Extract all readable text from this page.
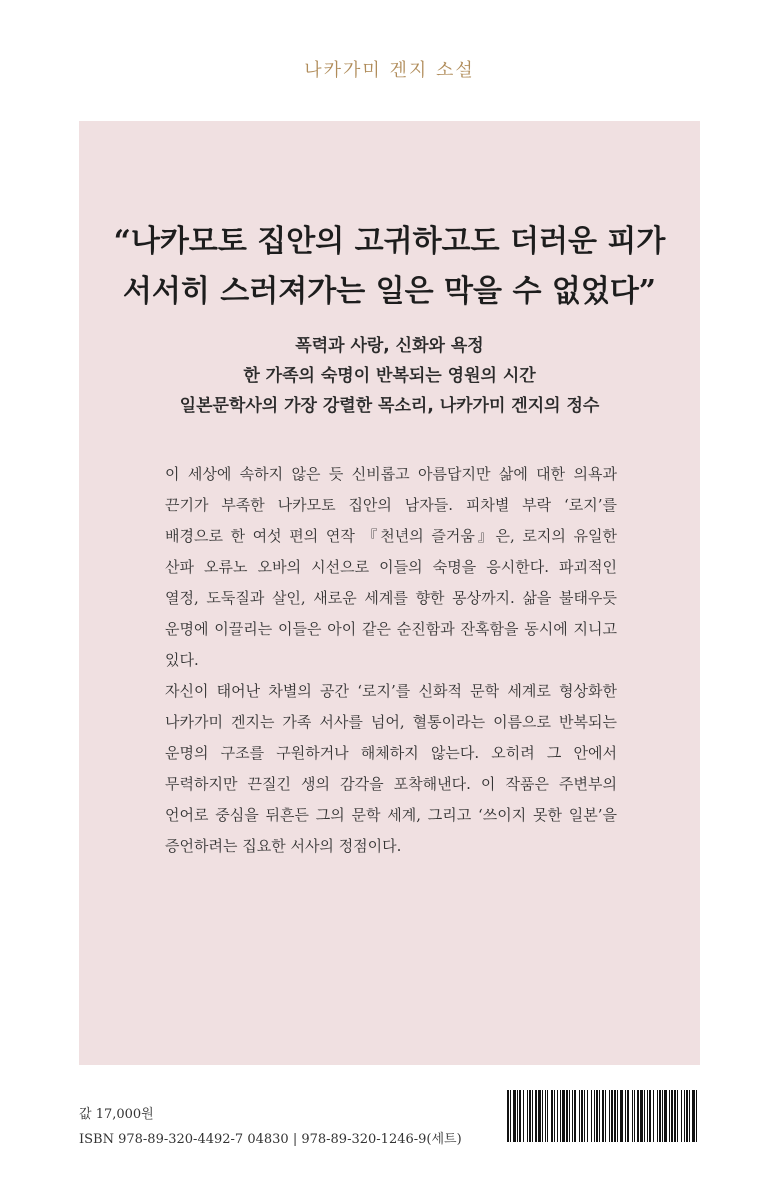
나카가미 겐지 소설
“나카모토 집안의 고귀하고도 더러운 피가
서서히 스러져가는 일은 막을 수 없었다”
폭력과 사랑, 신화와 욕정
한 가족의 숙명이 반복되는 영원의 시간
일본문학사의 가장 강렬한 목소리, 나카가미 겐지의 정수

이 세상에 속하지 않은 듯 신비롭고 아름답지만 삶에 대한 의욕과 끈기가 부족한 나카모토 집안의 남자들. 피차별 부락 ‘로지’를 배경으로 한 여섯 편의 연작 『천년의 즐거움』은, 로지의 유일한 산파 오류노 오바의 시선으로 이들의 숙명을 응시한다. 파괴적인 열정, 도둑질과 살인, 새로운 세계를 향한 몽상까지. 삶을 불태우듯 운명에 이끌리는 이들은 아이 같은 순진함과 잔혹함을 동시에 지니고 있다.

자신이 태어난 차별의 공간 ‘로지’를 신화적 문학 세계로 형상화한 나카가미 겐지는 가족 서사를 넘어, 혈통이라는 이름으로 반복되는 운명의 구조를 구원하거나 해체하지 않는다. 오히려 그 안에서 무력하지만 끈질긴 생의 감각을 포착해낸다. 이 작품은 주변부의 언어로 중심을 뒤흔든 그의 문학 세계, 그리고 ‘쓰이지 못한 일본’을 증언하려는 집요한 서사의 정점이다.

값 17,000원
ISBN 978-89-320-4492-7 04830 | 978-89-320-1246-9(세트)
